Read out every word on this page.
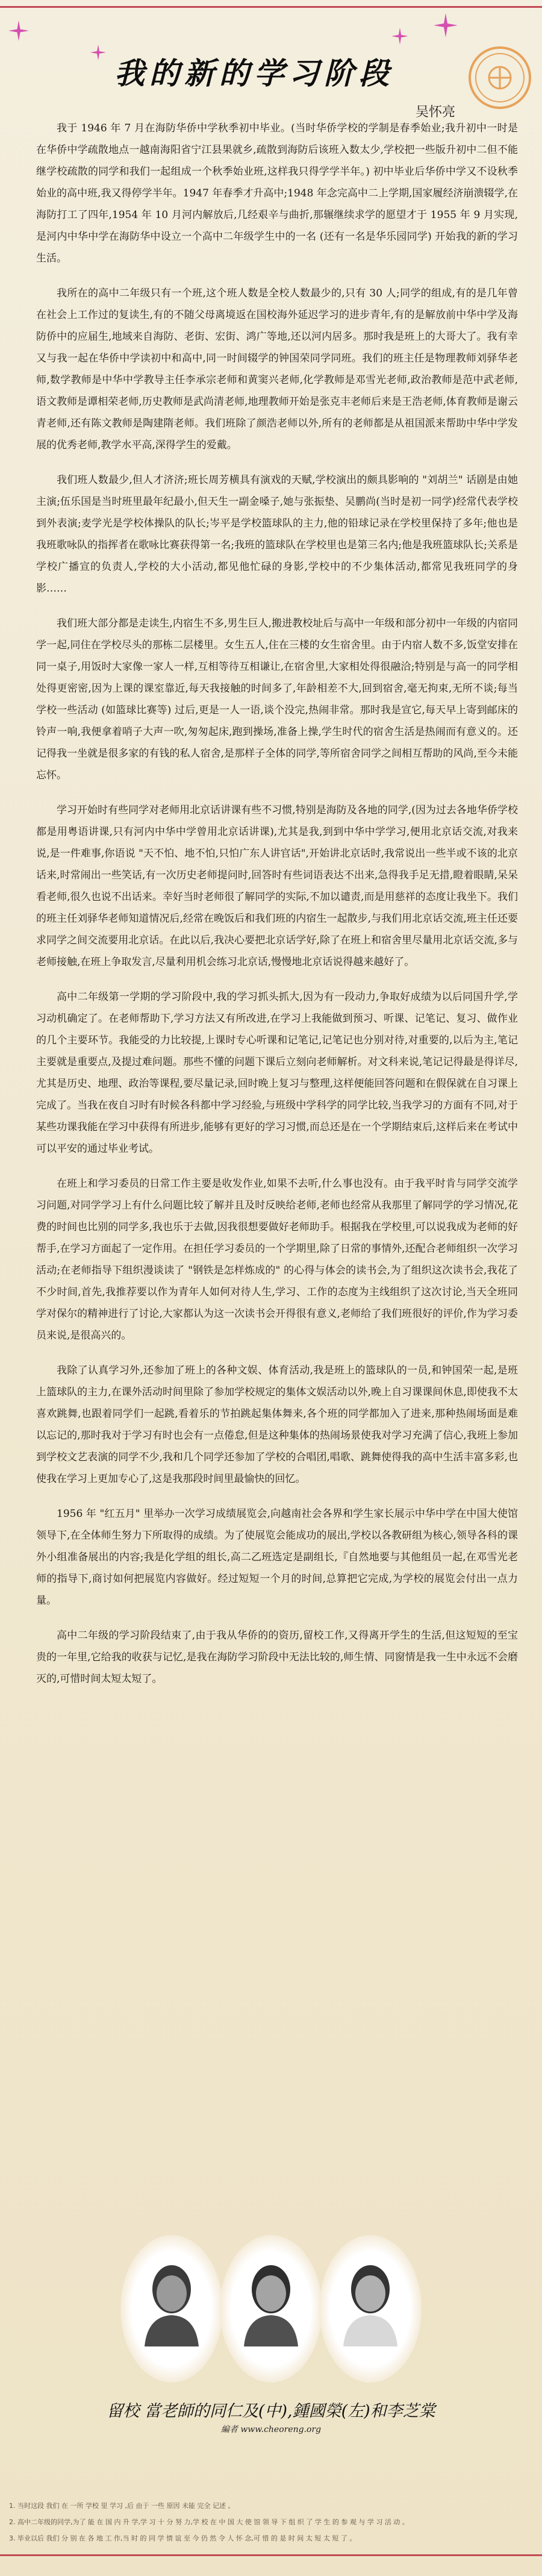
我的新的学习阶段
吴怀亮

我于 1946 年 7 月在海防华侨中学秋季初中毕业。(当时华侨学校的学制是春季始业;我升初中一时是在华侨中学疏散地点一越南海阳省宁江县果就乡,疏散到海防后该班入数太少,学校把一些版升初中二但不能继学校疏散的同学和我们一起组成一个秋季始业班,这样我只得学学半年。) 初中毕业后华侨中学又不设秋季始业的高中班,我又得停学半年。1947 年春季才升高中;1948 年念完高中二上学期,国家履经济崩溃辍学,在海防打工了四年,1954 年 10 月河内解放后,几经艰辛与曲折,那辗继续求学的愿望才于 1955 年 9 月实现,是河内中华中学在海防华中设立一个高中二年级学生中的一名 (还有一名是华乐园同学) 开始我的新的学习生活。

我所在的高中二年级只有一个班,这个班人数是全校人数最少的,只有 30 人;同学的组成,有的是几年曾在社会上工作过的复读生,有的不随父母离境返在国校海外延迟学习的进步青年,有的是解放前中华中学及海防侨中的应届生,地域来自海防、老街、宏街、鸿广等地,还以河内居多。那时我是班上的大哥大了。我有幸又与我一起在华侨中学读初中和高中,同一时间辍学的钟国荣同学同班。我们的班主任是物理教师刘驿华老师,数学教师是中华中学教导主任李承宗老师和黄窦兴老师,化学教师是邓雪光老师,政治教师是范中武老师,语文教师是谭相荣老师,历史教师是武尚清老师,地理教师开始是张克丰老师后来是王浩老师,体育教师是谢云青老师,还有陈文教师是陶建隋老师。我们班除了颜浩老师以外,所有的老师都是从祖国派来帮助中华中学发展的优秀老师,教学水平高,深得学生的爱戴。

我们班人数最少,但人才济济;班长周芳横具有演戏的天赋,学校演出的颇具影响的 "刘胡兰" 话剧是由她主演;伍乐国是当时班里最年纪最小,但天生一副金嗓子,她与张振垫、吴鹏尚(当时是初一同学)经常代表学校到外表演;麦学光是学校体操队的队长;岑平是学校篮球队的主力,他的铅球记录在学校里保持了多年;他也是我班歌咏队的指挥者在歌咏比赛获得第一名;我班的篮球队在学校里也是第三名内;他是我班篮球队长;关系是学校广播宣的负责人,学校的大小活动,都见他忙碌的身影,学校中的不少集体活动,都常见我班同学的身影……

我们班大部分都是走读生,内宿生不多,男生巨人,搬进教校址后与高中一年级和部分初中一年级的内宿同学一起,同住在学校尽头的那栋二层楼里。女生五人,住在三楼的女生宿舍里。由于内宿人数不多,饭堂安排在同一桌子,用饭时大家像一家人一样,互相等待互相谦让,在宿舍里,大家相处得很融洽;特别是与高一的同学相处得更密密,因为上课的课室靠近,每天我接触的时间多了,年龄相差不大,回到宿舍,毫无拘束,无所不谈;每当学校一些活动 (如篮球比赛等) 过后,更是一人一语,谈个没完,热闹非常。那时我是宣它,每天早上寄到邮床的铃声一响,我便拿着哨子大声一吹,匆匆起床,跑到操场,准备上操,学生时代的宿舍生活是热闹而有意义的。还记得我一坐就是很多家的有钱的私人宿舍,是那样子全体的同学,等所宿舍同学之间相互帮助的风尚,至今未能忘怀。

学习开始时有些同学对老师用北京话讲课有些不习惯,特别是海防及各地的同学,(因为过去各地华侨学校都是用粤语讲课,只有河内中华中学曾用北京话讲课),尤其是我,到到中华中学学习,便用北京话交流,对我来说,是一件难事,你语说 "天不怕、地不怕,只怕广东人讲官话",开始讲北京话时,我常说出一些半或不该的北京话来,时常闹出一些笑话,有一次历史老师提问时,回答时有些词语表达不出来,急得我手足无措,瞪着眼睛,呆呆看老师,很久也说不出话来。幸好当时老师很了解同学的实际,不加以谴责,而是用慈祥的态度让我坐下。我们的班主任刘驿华老师知道情况后,经常在晚饭后和我们班的内宿生一起散步,与我们用北京话交流,班主任还要求同学之间交流要用北京话。在此以后,我决心要把北京话学好,除了在班上和宿舍里尽量用北京话交流,多与老师接触,在班上争取发言,尽量利用机会练习北京话,慢慢地北京话说得越来越好了。

高中二年级第一学期的学习阶段中,我的学习抓头抓大,因为有一段动力,争取好成绩为以后同国升学,学习动机确定了。在老师帮助下,学习方法又有所改进,在学习上我能做到预习、听课、记笔记、复习、做作业的几个主要环节。我能受的力比较提,上课时专心听课和记笔记,记笔记也分别对待,对重要的,以后为主,笔记主要就是重要点,及提过难问题。那些不懂的问题下课后立刻向老师解析。对文科来说,笔记记得最是得详尽,尤其是历史、地理、政治等课程,要尽量记录,回时晚上复习与整理,这样便能回答问题和在假保就在自习课上完成了。当我在夜自习时有时候各科都中学习经验,与班级中学科学的同学比较,当我学习的方面有不同,对于某些功课我能在学习中获得有所进步,能够有更好的学习习惯,而总还是在一个学期结束后,这样后来在考试中可以平安的通过毕业考试。

在班上和学习委员的日常工作主要是收发作业,如果不去听,什么事也没有。由于我平时肯与同学交流学习问题,对同学学习上有什么问题比较了解并且及时反映给老师,老师也经常从我那里了解同学的学习情况,花费的时间也比别的同学多,我也乐于去做,因我很想要做好老师助手。根据我在学校里,可以说我成为老师的好帮手,在学习方面起了一定作用。在担任学习委员的一个学期里,除了日常的事情外,还配合老师组织一次学习活动;在老师指导下组织漫谈读了 "钢铁是怎样炼成的" 的心得与体会的读书会,为了组织这次读书会,我花了不少时间,首先,我推荐要以作为青年人如何对待人生,学习、工作的态度为主线组织了这次讨论,当天全班同学对保尔的精神进行了讨论,大家都认为这一次读书会开得很有意义,老师给了我们班很好的评价,作为学习委员来说,是很高兴的。

我除了认真学习外,还参加了班上的各种文娱、体育活动,我是班上的篮球队的一员,和钟国荣一起,是班上篮球队的主力,在课外活动时间里除了参加学校规定的集体文娱活动以外,晚上自习课课间休息,即使我不太喜欢跳舞,也跟着同学们一起跳,看着乐的节拍跳起集体舞来,各个班的同学都加入了进来,那种热闹场面是难以忘记的,那时我对于学习有时也会有一点倦怠,但是这种集体的热闹场景使我对学习充满了信心,我班上参加到学校文艺表演的同学不少,我和几个同学还参加了学校的合唱团,唱歌、跳舞使得我的高中生活丰富多彩,也使我在学习上更加专心了,这是我那段时间里最愉快的回忆。

1956 年 "红五月" 里举办一次学习成绩展览会,向越南社会各界和学生家长展示中华中学在中国大使馆领导下,在全体师生努力下所取得的成绩。为了使展览会能成功的展出,学校以各教研组为核心,领导各科的课外小组准备展出的内容;我是化学组的组长,高二乙班选定是副组长,『自然地要与其他组员一起,在邓雪光老师的指导下,商讨如何把展览内容做好。经过短短一个月的时间,总算把它完成,为学校的展览会付出一点力量。

高中二年级的学习阶段结束了,由于我从华侨的的资历,留校工作,又得离开学生的生活,但这短短的至宝贵的一年里,它给我的收获与记忆,是我在海防学习阶段中无法比较的,师生情、同窗情是我一生中永远不会磨灭的,可惜时间太短太短了。

留校 當老師的同仁及(中),鍾國榮(左)和李芝棠
編者 www.cheoreng.org
1. 当时这段 我们 在 一所 学校 里 学习 ,后 由于 一些 原因 未能 完全 记述 。
2. 高中二年级的同学,为了 能 在 国 内 升 学,学 习 十 分 努 力,学 校 在 中 国 大 使 馆 领 导 下 组 织 了 学 生 的 参 观 与 学 习 活 动 。
3. 毕业以后 我们 分 别 在 各 地 工 作,当 时 的 同 学 情 谊 至 今 仍 然 令 人 怀 念,可 惜 的 是 时 间 太 短 太 短 了 。
